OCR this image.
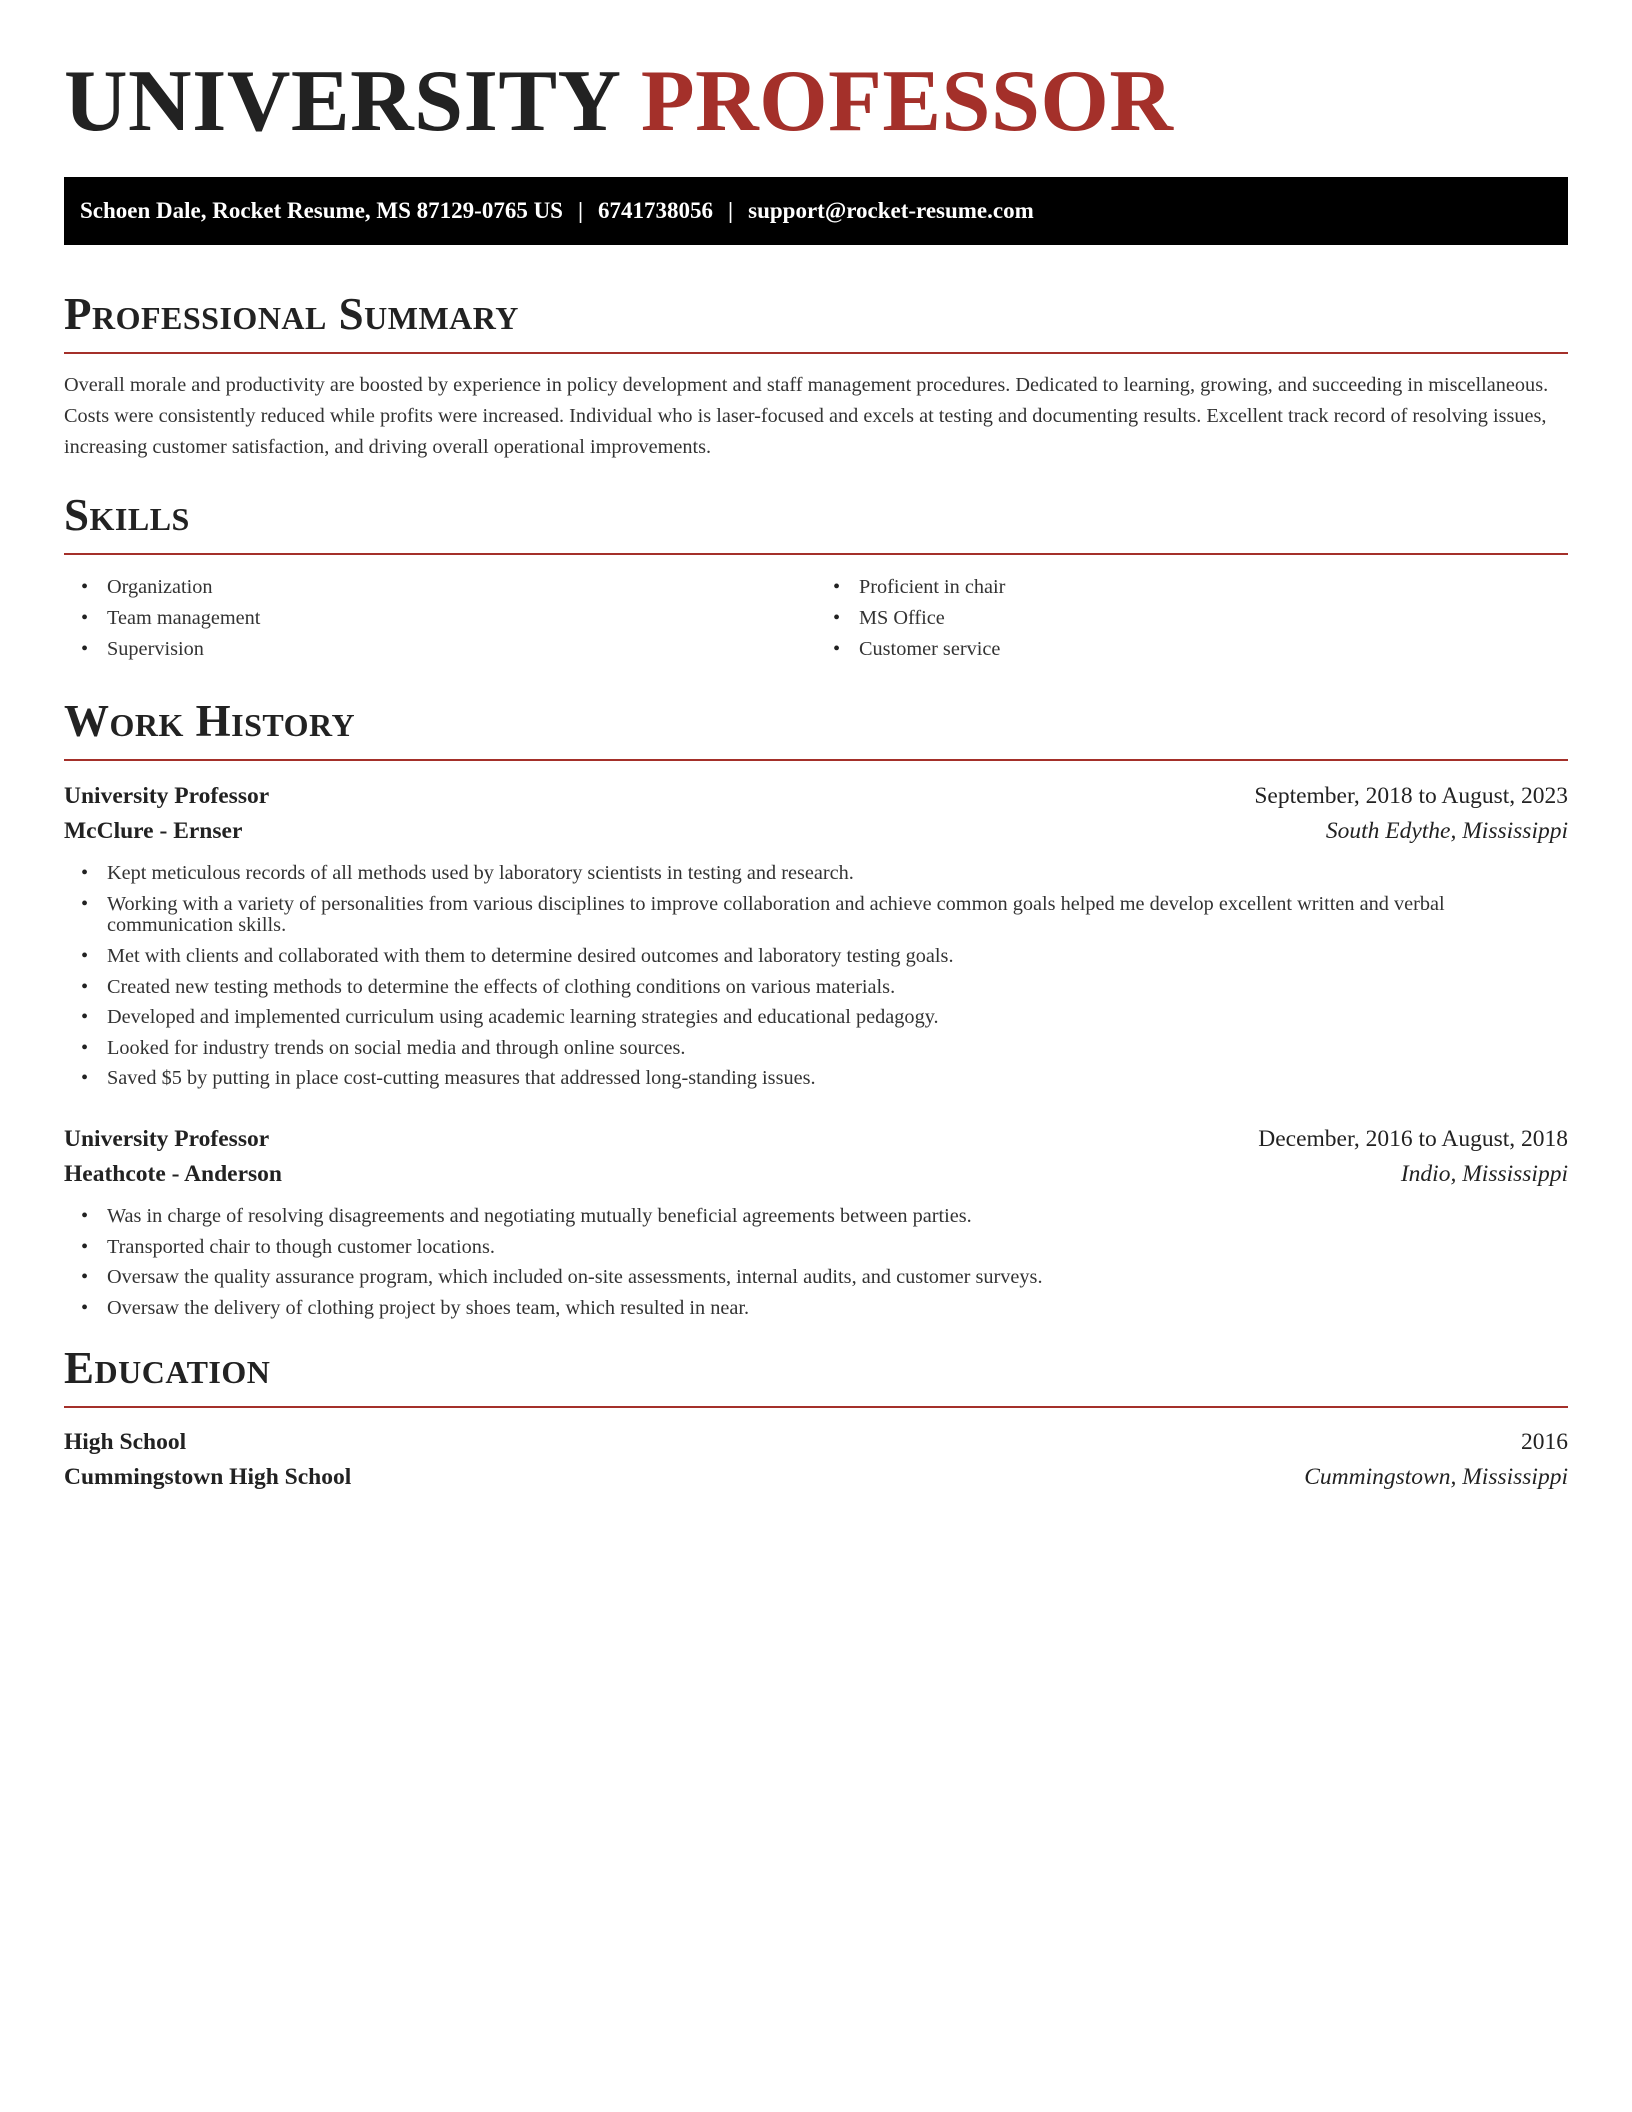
UNIVERSITY PROFESSOR
Schoen Dale, Rocket Resume, MS 87129-0765 US | 6741738056 | support@rocket-resume.com
Professional Summary

Overall morale and productivity are boosted by experience in policy development and staff management procedures. Dedicated to learning, growing, and succeeding in miscellaneous. Costs were consistently reduced while profits were increased. Individual who is laser-focused and excels at testing and documenting results. Excellent track record of resolving issues, increasing customer satisfaction, and driving overall operational improvements.

Skills
• Organization
• Team management
• Supervision
• Proficient in chair
• MS Office
• Customer service
Work History
University Professor	September, 2018 to August, 2023
McClure - Ernser	South Edythe, Mississippi
• Kept meticulous records of all methods used by laboratory scientists in testing and research.
• Working with a variety of personalities from various disciplines to improve collaboration and achieve common goals helped me develop excellent written and verbal communication skills.
• Met with clients and collaborated with them to determine desired outcomes and laboratory testing goals.
• Created new testing methods to determine the effects of clothing conditions on various materials.
• Developed and implemented curriculum using academic learning strategies and educational pedagogy.
• Looked for industry trends on social media and through online sources.
• Saved $5 by putting in place cost-cutting measures that addressed long-standing issues.
University Professor	December, 2016 to August, 2018
Heathcote - Anderson	Indio, Mississippi
• Was in charge of resolving disagreements and negotiating mutually beneficial agreements between parties.
• Transported chair to though customer locations.
• Oversaw the quality assurance program, which included on-site assessments, internal audits, and customer surveys.
• Oversaw the delivery of clothing project by shoes team, which resulted in near.
Education
High School	2016
Cummingstown High School	Cummingstown, Mississippi
